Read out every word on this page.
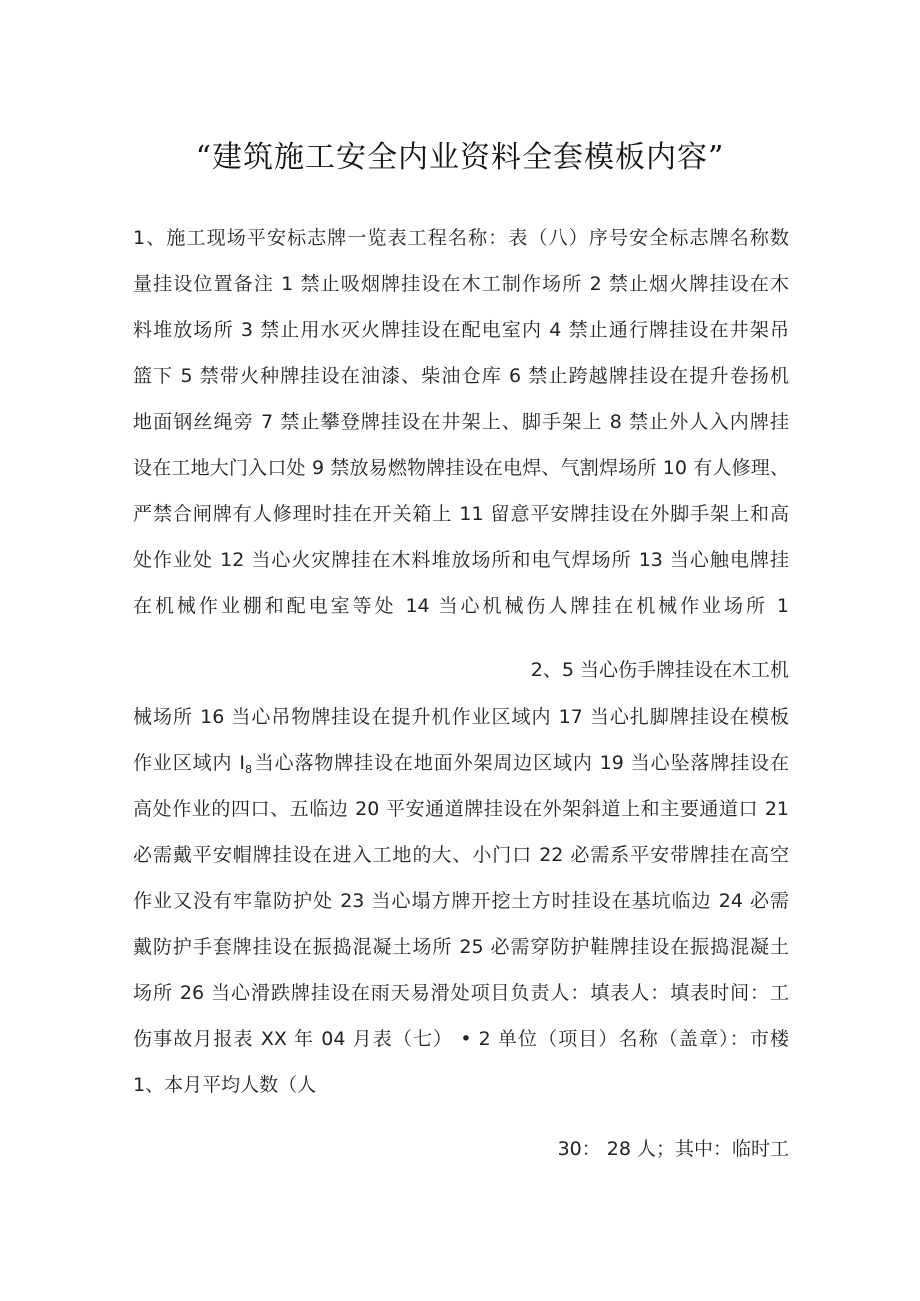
“建筑施工安全内业资料全套模板内容”
1、施工现场平安标志牌一览表工程名称：表（八）序号安全标志牌名称数
量挂设位置备注 1 禁止吸烟牌挂设在木工制作场所 2 禁止烟火牌挂设在木
料堆放场所 3 禁止用水灭火牌挂设在配电室内 4 禁止通行牌挂设在井架吊
篮下 5 禁带火种牌挂设在油漆、柴油仓库 6 禁止跨越牌挂设在提升卷扬机
地面钢丝绳旁 7 禁止攀登牌挂设在井架上、脚手架上 8 禁止外人入内牌挂
设在工地大门入口处 9 禁放易燃物牌挂设在电焊、气割焊场所 10 有人修理、
严禁合闸牌有人修理时挂在开关箱上 11 留意平安牌挂设在外脚手架上和高
处作业处 12 当心火灾牌挂在木料堆放场所和电气焊场所 13 当心触电牌挂
在机械作业棚和配电室等处 14 当心机械伤人牌挂在机械作业场所 1
2、5 当心伤手牌挂设在木工机
械场所 16 当心吊物牌挂设在提升机作业区域内 17 当心扎脚牌挂设在模板
作业区域内 $I_8$  当心落物牌挂设在地面外架周边区域内 19 当心坠落牌挂设在
高处作业的四口、五临边 20 平安通道牌挂设在外架斜道上和主要通道口 21
必需戴平安帽牌挂设在进入工地的大、小门口 22 必需系平安带牌挂在高空
作业又没有牢靠防护处 23 当心塌方牌开挖土方时挂设在基坑临边 24 必需
戴防护手套牌挂设在振捣混凝土场所 25 必需穿防护鞋牌挂设在振捣混凝土
场所 26 当心滑跌牌挂设在雨天易滑处项目负责人：填表人：填表时间：工
伤事故月报表 XX 年 04 月表（七） • 2 单位（项目）名称（盖章）：市楼
1、本月平均人数（人
30： 28 人；其中：临时工
